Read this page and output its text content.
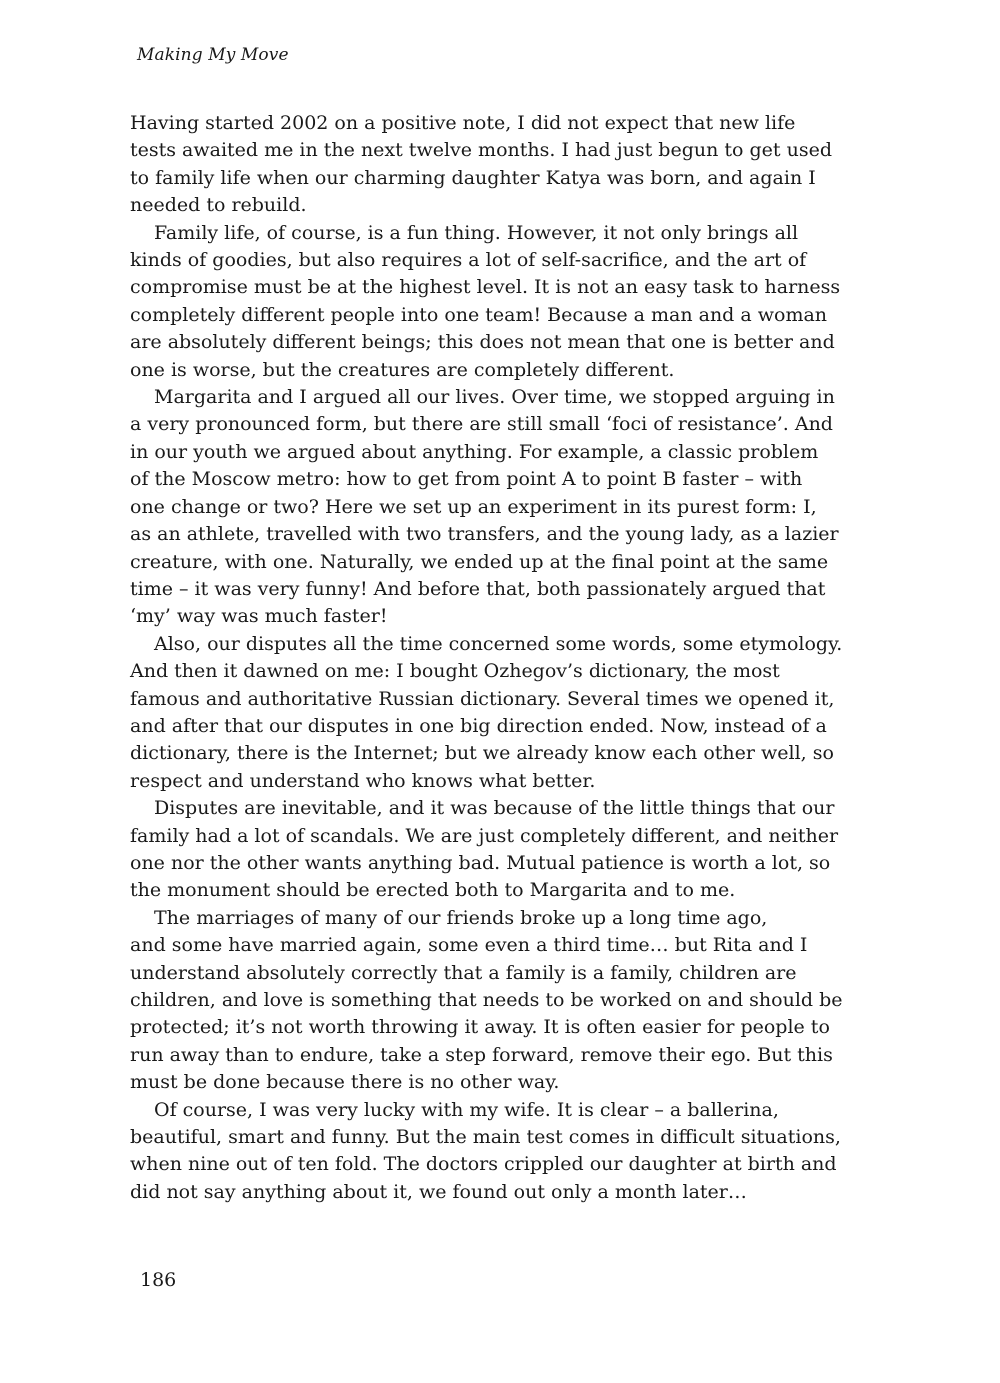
Making My Move
Having started 2002 on a positive note, I did not expect that new life
tests awaited me in the next twelve months. I had just begun to get used
to family life when our charming daughter Katya was born, and again I
needed to rebuild.
Family life, of course, is a fun thing. However, it not only brings all
kinds of goodies, but also requires a lot of self-sacrifice, and the art of
compromise must be at the highest level. It is not an easy task to harness
completely different people into one team! Because a man and a woman
are absolutely different beings; this does not mean that one is better and
one is worse, but the creatures are completely different.
Margarita and I argued all our lives. Over time, we stopped arguing in
a very pronounced form, but there are still small ‘foci of resistance’. And
in our youth we argued about anything. For example, a classic problem
of the Moscow metro: how to get from point A to point B faster – with
one change or two? Here we set up an experiment in its purest form: I,
as an athlete, travelled with two transfers, and the young lady, as a lazier
creature, with one. Naturally, we ended up at the final point at the same
time – it was very funny! And before that, both passionately argued that
‘my’ way was much faster!
Also, our disputes all the time concerned some words, some etymology.
And then it dawned on me: I bought Ozhegov’s dictionary, the most
famous and authoritative Russian dictionary. Several times we opened it,
and after that our disputes in one big direction ended. Now, instead of a
dictionary, there is the Internet; but we already know each other well, so
respect and understand who knows what better.
Disputes are inevitable, and it was because of the little things that our
family had a lot of scandals. We are just completely different, and neither
one nor the other wants anything bad. Mutual patience is worth a lot, so
the monument should be erected both to Margarita and to me.
The marriages of many of our friends broke up a long time ago,
and some have married again, some even a third time… but Rita and I
understand absolutely correctly that a family is a family, children are
children, and love is something that needs to be worked on and should be
protected; it’s not worth throwing it away. It is often easier for people to
run away than to endure, take a step forward, remove their ego. But this
must be done because there is no other way.
Of course, I was very lucky with my wife. It is clear – a ballerina,
beautiful, smart and funny. But the main test comes in difficult situations,
when nine out of ten fold. The doctors crippled our daughter at birth and
did not say anything about it, we found out only a month later…
186
